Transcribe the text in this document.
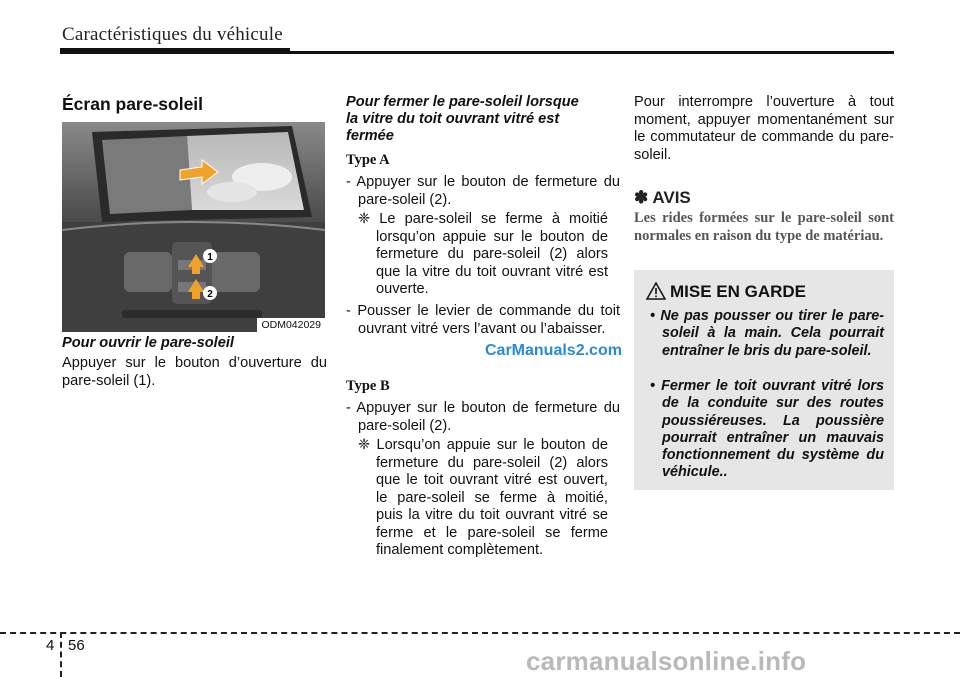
Caractéristiques du véhicule
Écran pare-soleil
1
2
ODM042029
Pour ouvrir le pare-soleil
Appuyer sur le bouton d’ouverture du pare-soleil (1).
Pour fermer le pare-soleil lorsque
la vitre du toit ouvrant vitré est
fermée
Type A
- Appuyer sur le bouton de fermeture du pare-soleil (2).
❈ Le pare-soleil se ferme à moitié lorsqu’on appuie sur le bouton de fermeture du pare-soleil (2) alors que la vitre du toit ouvrant vitré est ouverte.
- Pousser le levier de commande du toit ouvrant vitré vers l’avant ou l’abaisser.
CarManuals2.com
Type B
- Appuyer sur le bouton de fermeture du pare-soleil (2).
❈ Lorsqu’on appuie sur le bouton de fermeture du pare-soleil (2) alors que le toit ouvrant vitré est ouvert, le pare-soleil se ferme à moitié, puis la vitre du toit ouvrant vitré se ferme et le pare-soleil se ferme finalement complètement.
Pour interrompre l’ouverture à tout moment, appuyer momentanément sur le commutateur de commande du pare-soleil.
✽ AVIS
Les rides formées sur le pare-soleil sont normales en raison du type de matériau.
MISE EN GARDE
• Ne pas pousser ou tirer le pare-soleil à la main. Cela pourrait entraîner le bris du pare-soleil.
• Fermer le toit ouvrant vitré lors de la conduite sur des routes poussiéreuses. La poussière pourrait entraîner un mauvais fonctionnement du système du véhicule..
4 56
carmanualsonline.info
